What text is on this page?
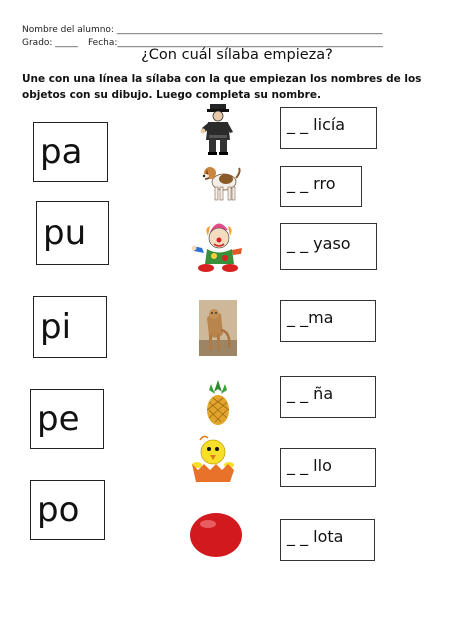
Nombre del alumno: ___________________________________________________________
Grado: _____ Fecha:___________________________________________________________
¿Con cuál sílaba empieza?
Une con una línea la sílaba con la que empiezan los nombres de los objetos con su dibujo. Luego completa su nombre.
pa
pu
pi
pe
po
_ _ licía
_ _ rro
_ _ yaso
_ _ma
_ _ ña
_ _ llo
_ _ lota
